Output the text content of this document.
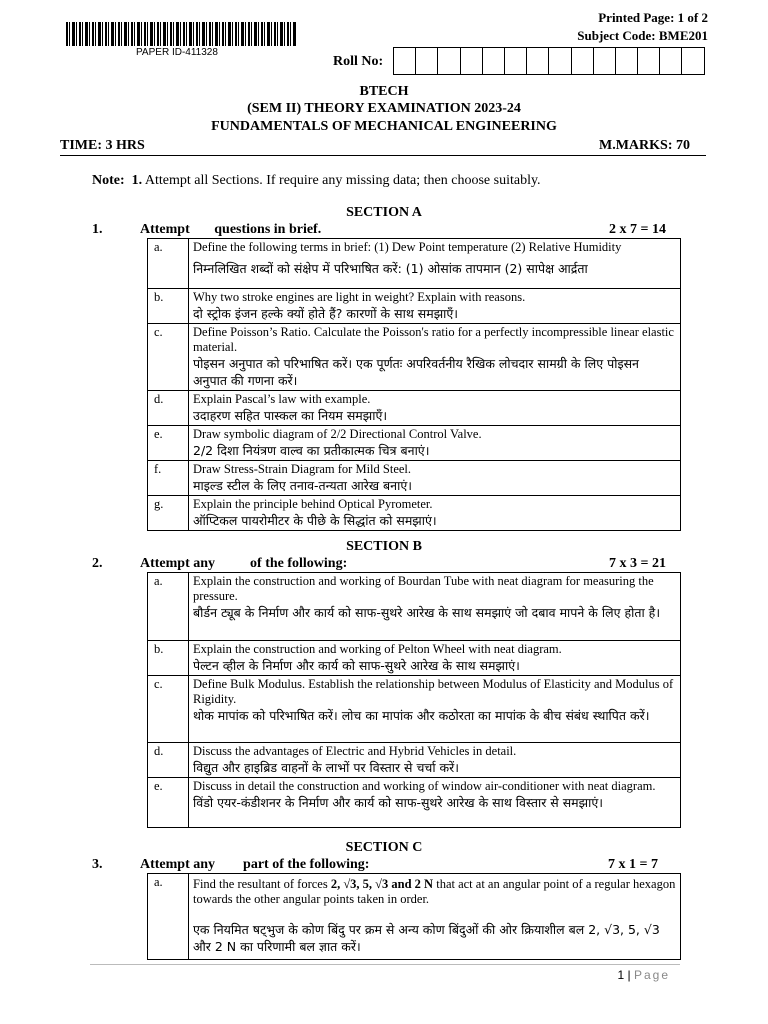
PAPER ID-411328
Printed Page: 1 of 2
Subject Code: BME201
Roll No:
BTECH
(SEM II) THEORY EXAMINATION 2023-24
FUNDAMENTALS OF MECHANICAL ENGINEERING
TIME: 3 HRS	M.MARKS: 70
Note: 1. Attempt all Sections. If require any missing data; then choose suitably.
SECTION A
1.	Attempt       questions in brief.	2 x 7 = 14
a.	Define the following terms in brief: (1) Dew Point temperature (2) Relative Humidity
निम्नलिखित शब्दों को संक्षेप में परिभाषित करें: (1) ओसांक तापमान (2) सापेक्ष आर्द्रता

b.	Why two stroke engines are light in weight? Explain with reasons.
दो स्ट्रोक इंजन हल्के क्यों होते हैं? कारणों के साथ समझाएँ।

c.	Define Poisson’s Ratio. Calculate the Poisson's ratio for a perfectly incompressible linear elastic material.
पोइसन अनुपात को परिभाषित करें। एक पूर्णतः अपरिवर्तनीय रैखिक लोचदार सामग्री के लिए पोइसन अनुपात की गणना करें।

d.	Explain Pascal’s law with example.
उदाहरण सहित पास्कल का नियम समझाएँ।

e.	Draw symbolic diagram of 2/2 Directional Control Valve.
2/2 दिशा नियंत्रण वाल्व का प्रतीकात्मक चित्र बनाएं।

f.	Draw Stress-Strain Diagram for Mild Steel.
माइल्ड स्टील के लिए तनाव-तन्यता आरेख बनाएं।

g.	Explain the principle behind Optical Pyrometer.
ऑप्टिकल पायरोमीटर के पीछे के सिद्धांत को समझाएं।
SECTION B
2.	Attempt any          of the following:	7 x 3 = 21
a.	Explain the construction and working of Bourdan Tube with neat diagram for measuring the pressure.
बौर्डन ट्यूब के निर्माण और कार्य को साफ-सुथरे आरेख के साथ समझाएं जो दबाव मापने के लिए होता है।

b.	Explain the construction and working of Pelton Wheel with neat diagram.
पेल्टन व्हील के निर्माण और कार्य को साफ-सुथरे आरेख के साथ समझाएं।

c.	Define Bulk Modulus. Establish the relationship between Modulus of Elasticity and Modulus of Rigidity.
थोक मापांक को परिभाषित करें। लोच का मापांक और कठोरता का मापांक के बीच संबंध स्थापित करें।

d.	Discuss the advantages of Electric and Hybrid Vehicles in detail.
विद्युत और हाइब्रिड वाहनों के लाभों पर विस्तार से चर्चा करें।

e.	Discuss in detail the construction and working of window air-conditioner with neat diagram.
विंडो एयर-कंडीशनर के निर्माण और कार्य को साफ-सुथरे आरेख के साथ विस्तार से समझाएं।
SECTION C
3.	Attempt any        part of the following:	7 x 1 = 7
a.	Find the resultant of forces 2, √3, 5, √3 and 2 N that act at an angular point of a regular hexagon towards the other angular points taken in order.
एक नियमित षट्भुज के कोण बिंदु पर क्रम से अन्य कोण बिंदुओं की ओर क्रियाशील बल 2, √3, 5, √3 और 2 N का परिणामी बल ज्ञात करें।
1 | Page
